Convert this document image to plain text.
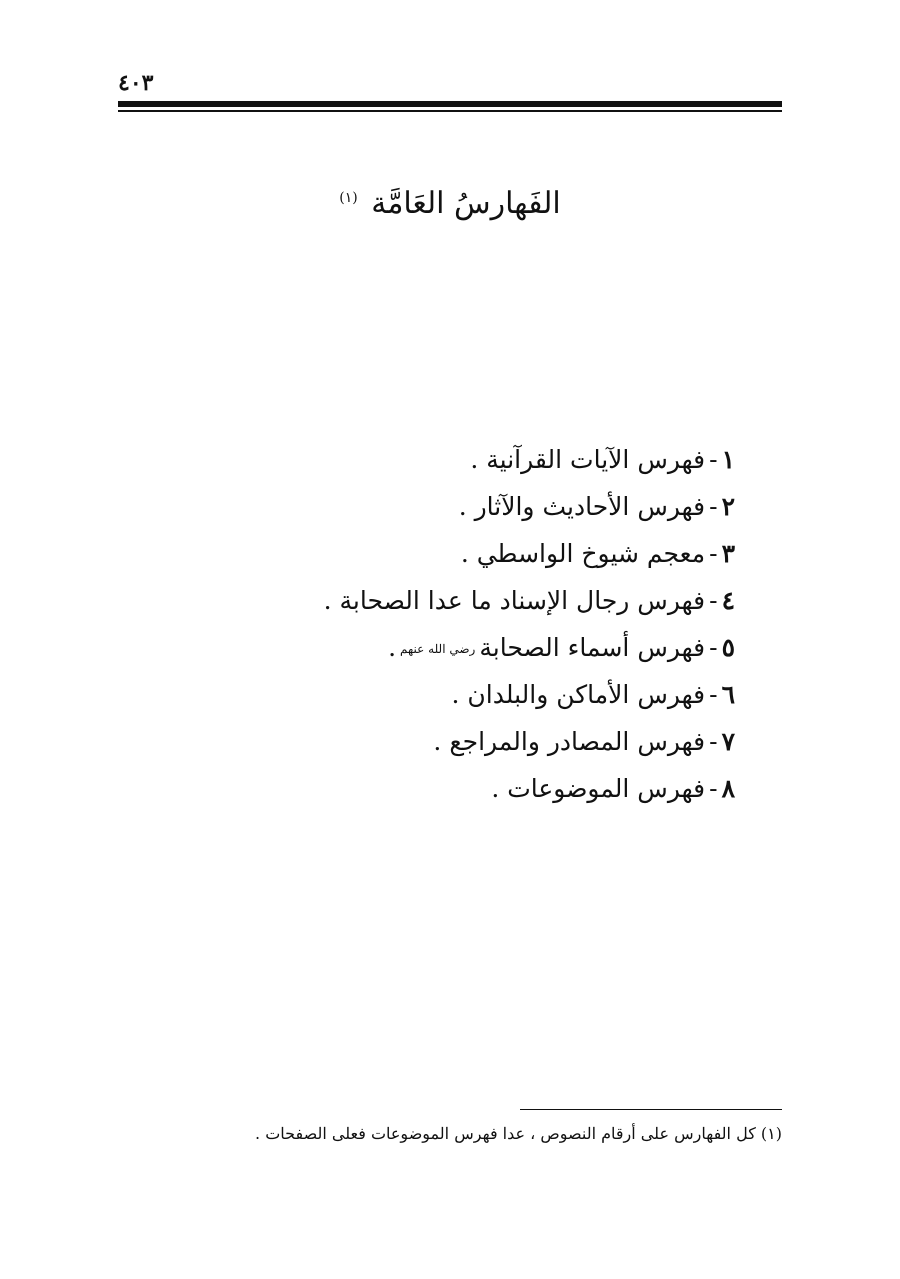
٤٠٣
الفَهارسُ العَامَّة $^{(١)}$
١-فهرس الآيات القرآنية .
٢-فهرس الأحاديث والآثار .
٣-معجم شيوخ الواسطي .
٤-فهرس رجال الإسناد ما عدا الصحابة .
٥-فهرس أسماء الصحابةرضي الله عنهم.
٦-فهرس الأماكن والبلدان .
٧-فهرس المصادر والمراجع .
٨-فهرس الموضوعات .
(١) كل الفهارس على أرقام النصوص ، عدا فهرس الموضوعات فعلى الصفحات .
